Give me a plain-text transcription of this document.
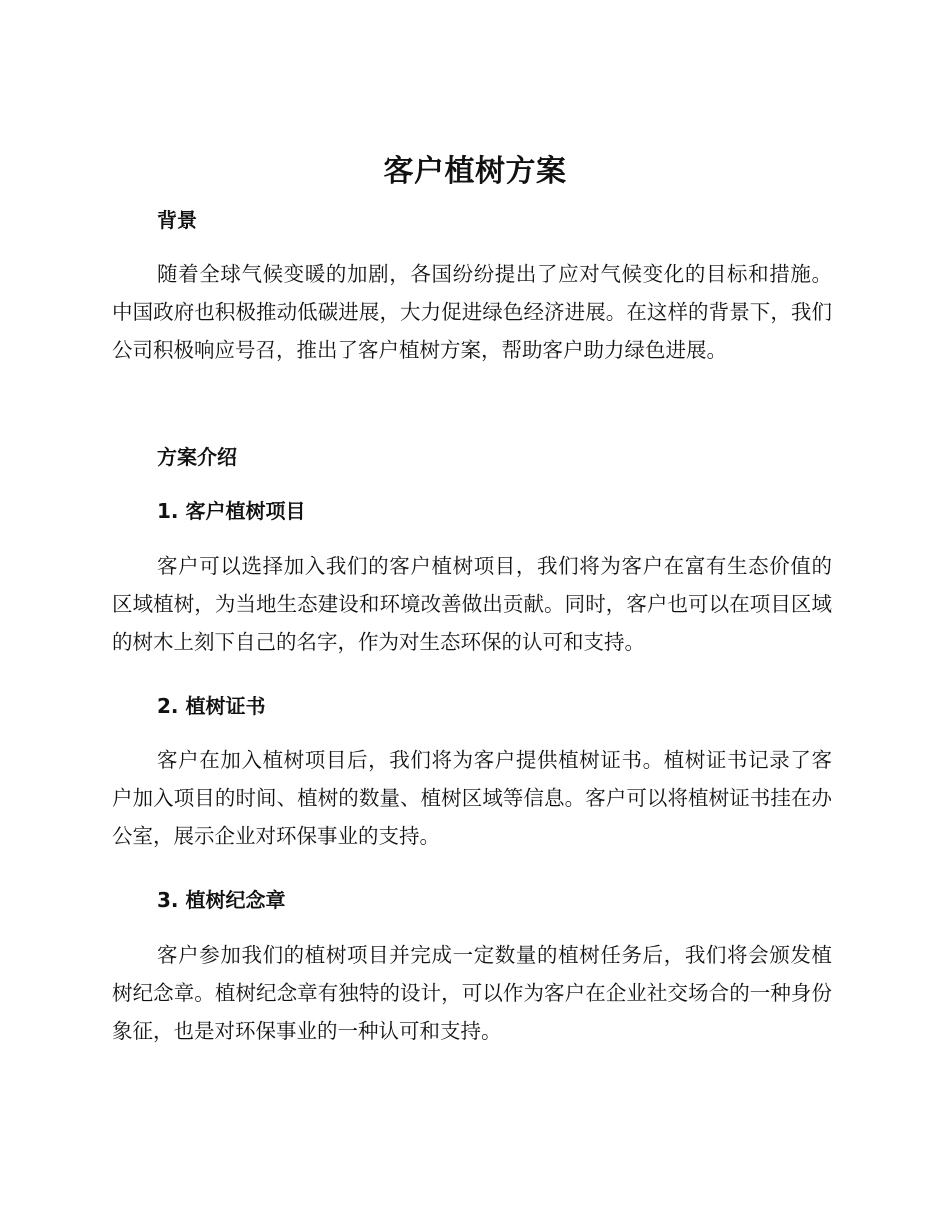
客户植树方案
背景

随着全球气候变暖的加剧，各国纷纷提出了应对气候变化的目标和措施。中国政府也积极推动低碳进展，大力促进绿色经济进展。在这样的背景下，我们公司积极响应号召，推出了客户植树方案，帮助客户助力绿色进展。

方案介绍
1. 客户植树项目

客户可以选择加入我们的客户植树项目，我们将为客户在富有生态价值的区域植树，为当地生态建设和环境改善做出贡献。同时，客户也可以在项目区域的树木上刻下自己的名字，作为对生态环保的认可和支持。

2. 植树证书

客户在加入植树项目后，我们将为客户提供植树证书。植树证书记录了客户加入项目的时间、植树的数量、植树区域等信息。客户可以将植树证书挂在办公室，展示企业对环保事业的支持。

3. 植树纪念章

客户参加我们的植树项目并完成一定数量的植树任务后，我们将会颁发植树纪念章。植树纪念章有独特的设计，可以作为客户在企业社交场合的一种身份象征，也是对环保事业的一种认可和支持。
